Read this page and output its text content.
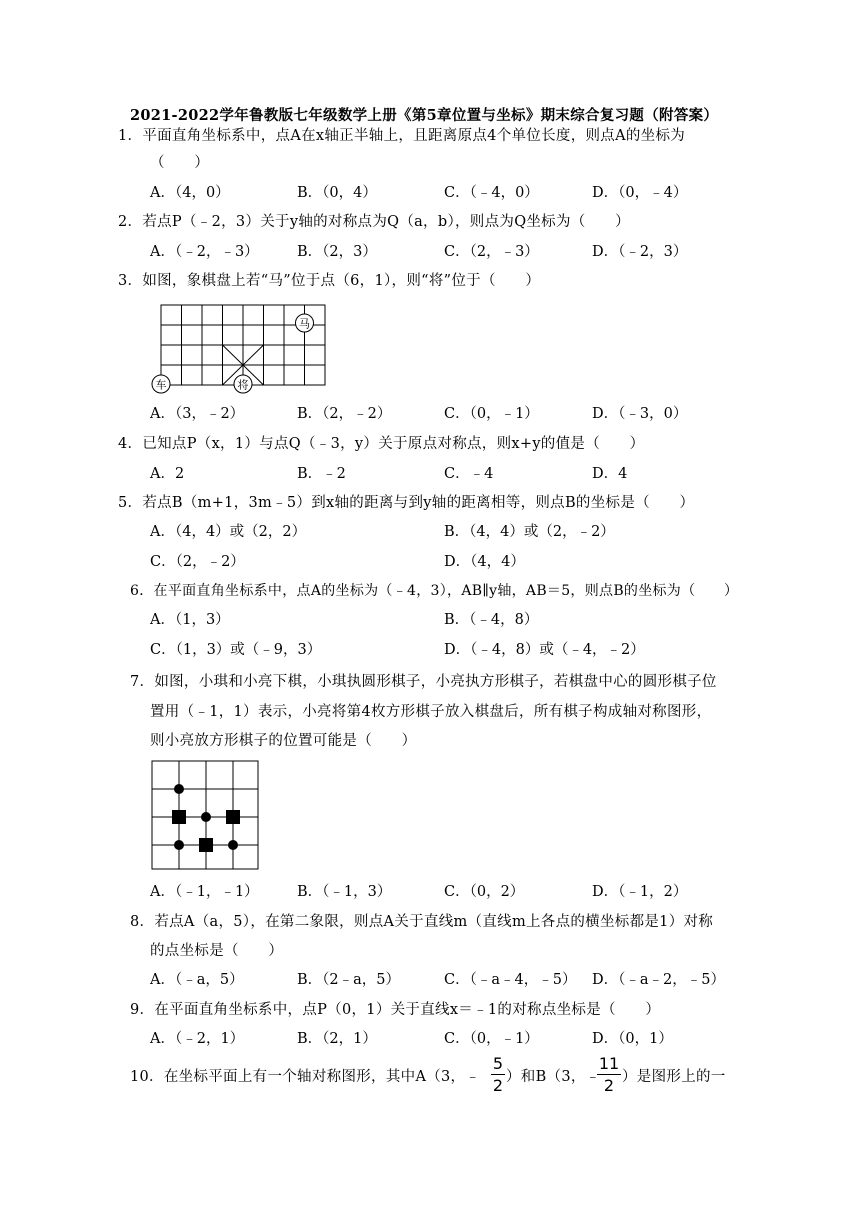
2021-2022学年鲁教版七年级数学上册《第5章位置与坐标》期末综合复习题（附答案）
1．平面直角坐标系中，点A在x轴正半轴上，且距离原点4个单位长度，则点A的坐标为
（　　）
A．（4，0）	B．（0，4）	C．（﹣4，0）	D．（0，﹣4）
2．若点P（﹣2，3）关于y轴的对称点为Q（a，b），则点为Q坐标为（　　）
A．（﹣2，﹣3）	B．（2，3）	C．（2，﹣3）	D．（﹣2，3）
3．如图，象棋盘上若“马”位于点（6，1），则“将”位于（　　）
马
将
车
A．（3，﹣2）	B．（2，﹣2）	C．（0，﹣1）	D．（﹣3，0）
4．已知点P（x，1）与点Q（﹣3，y）关于原点对称点，则x+y的值是（　　）
A．2	B．﹣2	C．﹣4	D．4
5．若点B（m+1，3m﹣5）到x轴的距离与到y轴的距离相等，则点B的坐标是（　　）
A．（4，4）或（2，2）	B．（4，4）或（2，﹣2）
C．（2，﹣2）	D．（4，4）
6．在平面直角坐标系中，点A的坐标为（﹣4，3），AB∥y轴，AB＝5，则点B的坐标为（　　）
A．（1，3）	B．（﹣4，8）
C．（1，3）或（﹣9，3）	D．（﹣4，8）或（﹣4，﹣2）
7．如图，小琪和小亮下棋，小琪执圆形棋子，小亮执方形棋子，若棋盘中心的圆形棋子位
置用（﹣1，1）表示，小亮将第4枚方形棋子放入棋盘后，所有棋子构成轴对称图形，
则小亮放方形棋子的位置可能是（　　）
A．（﹣1，﹣1）	B．（﹣1，3）	C．（0，2）	D．（﹣1，2）
8．若点A（a，5），在第二象限，则点A关于直线m（直线m上各点的横坐标都是1）对称
的点坐标是（　　）
A．（﹣a，5）	B．（2﹣a，5）	C．（﹣a﹣4，﹣5） D．（﹣a﹣2，﹣5）
9．在平面直角坐标系中，点P（0，1）关于直线x＝﹣1的对称点坐标是（　　）
A．（﹣2，1）	B．（2，1）	C．（0，﹣1）	D．（0，1）
10．在坐标平面上有一个轴对称图形，其中A（3，﹣
5
2 ）和B（3，﹣
11
2 ）是图形上的一
